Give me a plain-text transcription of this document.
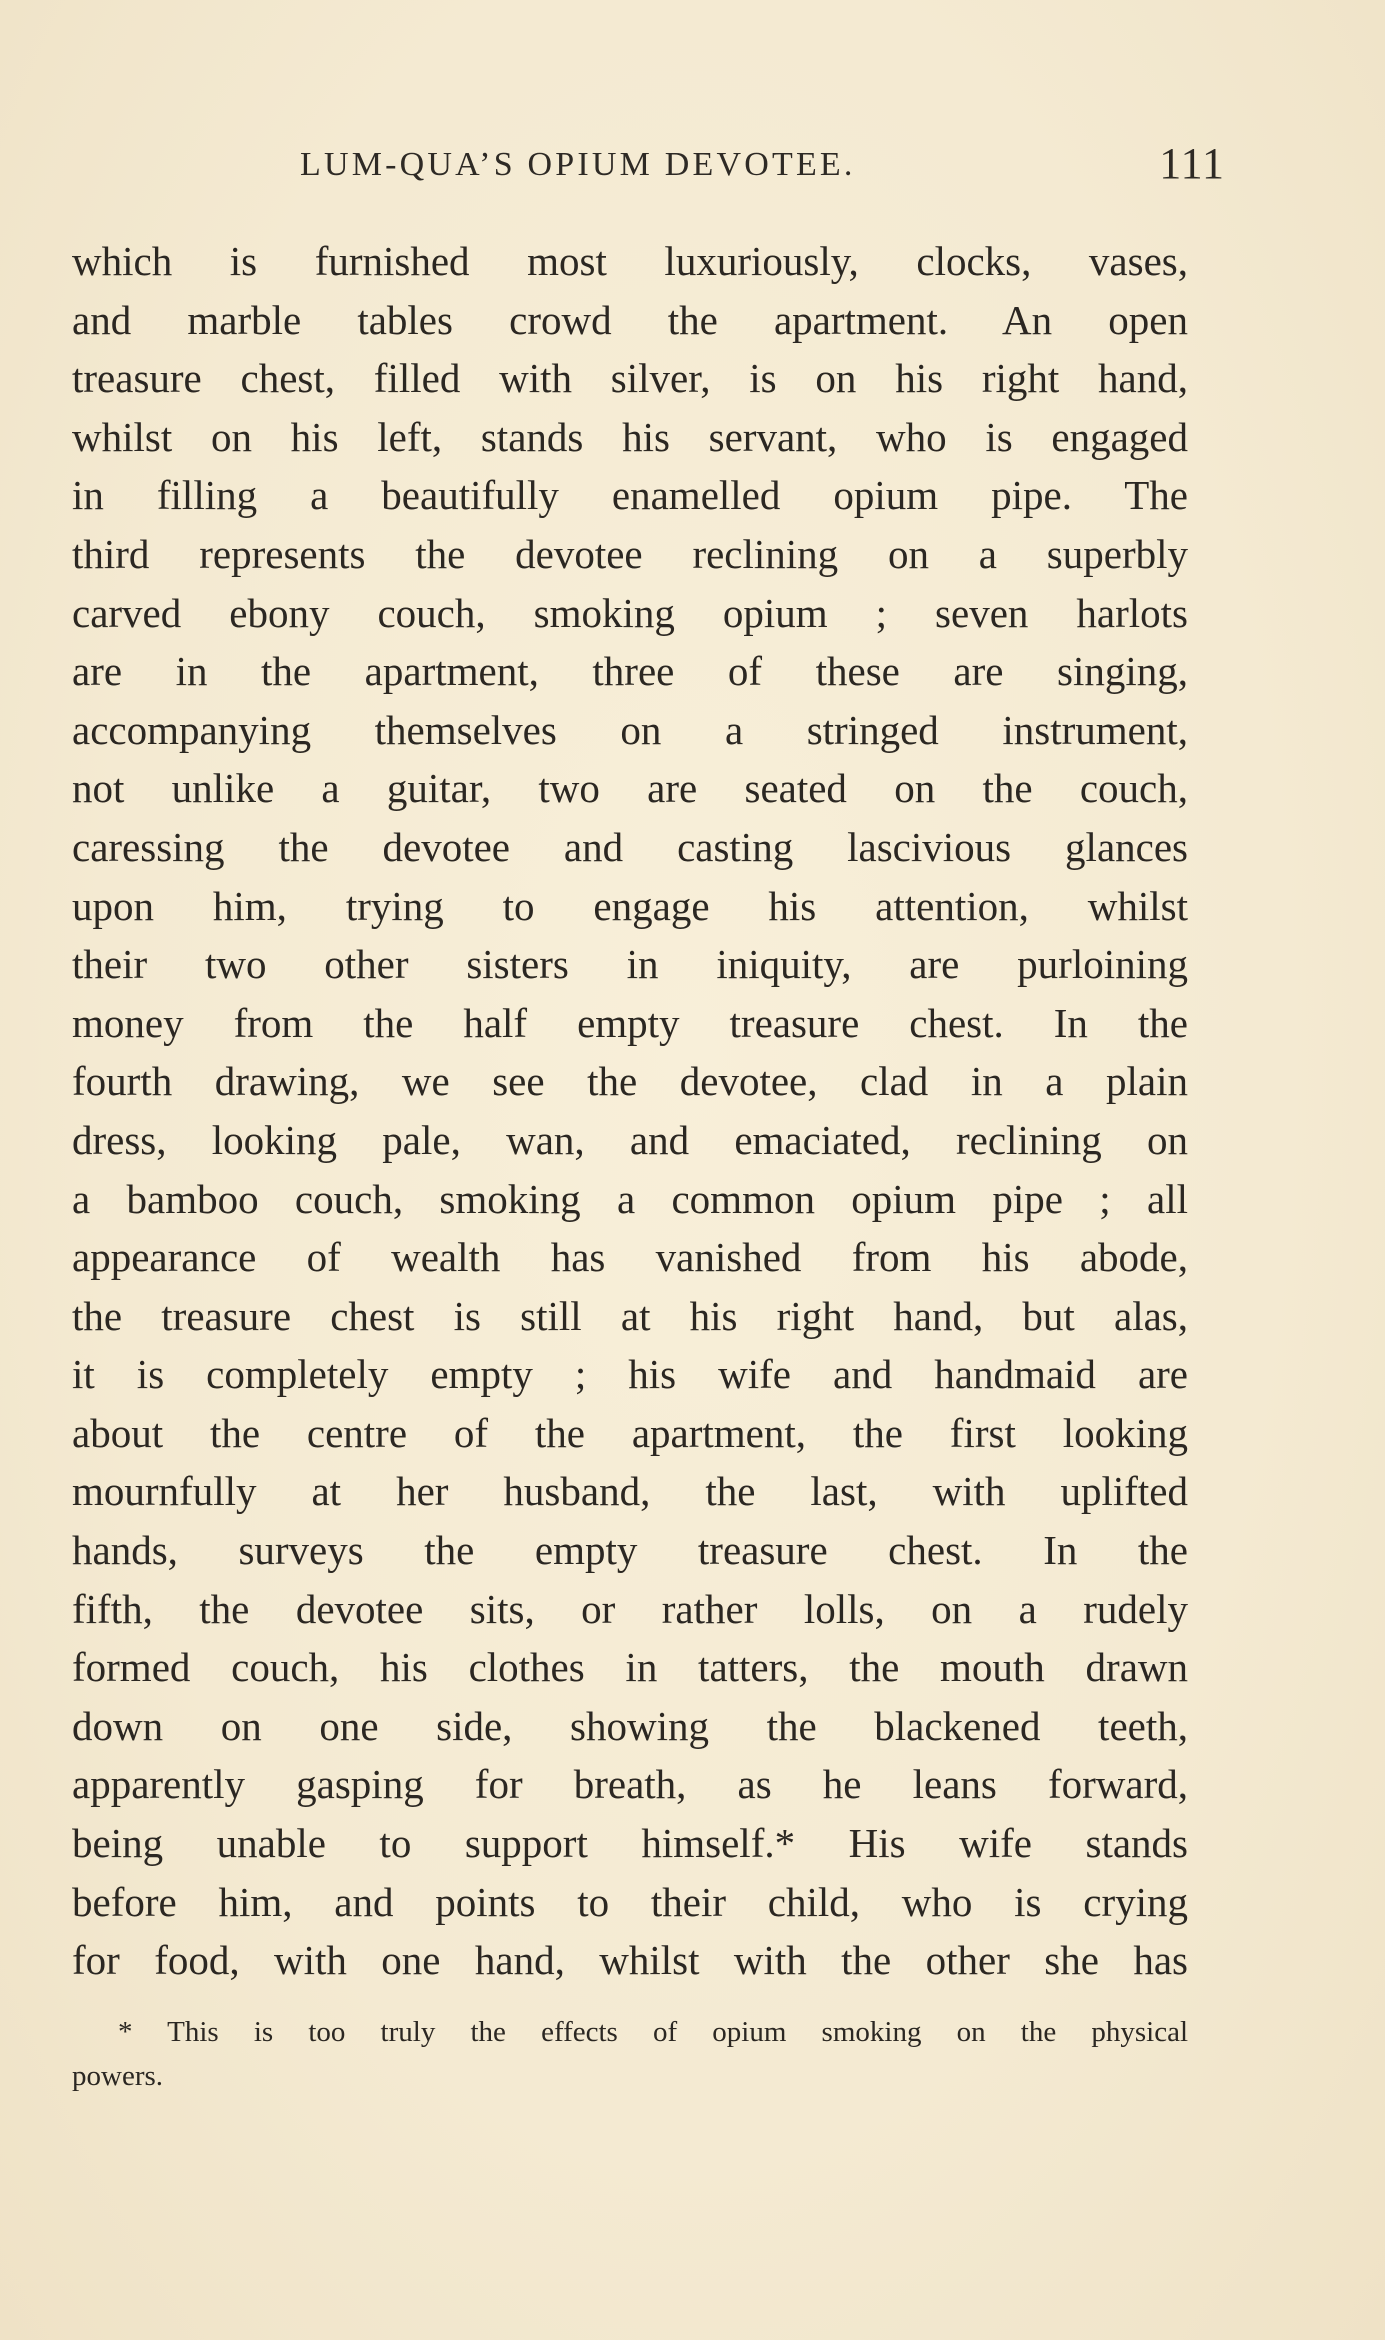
LUM-QUA’S OPIUM DEVOTEE.	111
which is furnished most luxuriously, clocks, vases,
and marble tables crowd the apartment. An open
treasure chest, filled with silver, is on his right hand,
whilst on his left, stands his servant, who is engaged
in filling a beautifully enamelled opium pipe. The
third represents the devotee reclining on a superbly
carved ebony couch, smoking opium ; seven harlots
are in the apartment, three of these are singing,
accompanying themselves on a stringed instrument,
not unlike a guitar, two are seated on the couch,
caressing the devotee and casting lascivious glances
upon him, trying to engage his attention, whilst
their two other sisters in iniquity, are purloining
money from the half empty treasure chest. In the
fourth drawing, we see the devotee, clad in a plain
dress, looking pale, wan, and emaciated, reclining on
a bamboo couch, smoking a common opium pipe ; all
appearance of wealth has vanished from his abode,
the treasure chest is still at his right hand, but alas,
it is completely empty ; his wife and handmaid are
about the centre of the apartment, the first looking
mournfully at her husband, the last, with uplifted
hands, surveys the empty treasure chest. In the
fifth, the devotee sits, or rather lolls, on a rudely
formed couch, his clothes in tatters, the mouth drawn
down on one side, showing the blackened teeth,
apparently gasping for breath, as he leans forward,
being unable to support himself.* His wife stands
before him, and points to their child, who is crying
for food, with one hand, whilst with the other she has
* This is too truly the effects of opium smoking on the physical
powers.
